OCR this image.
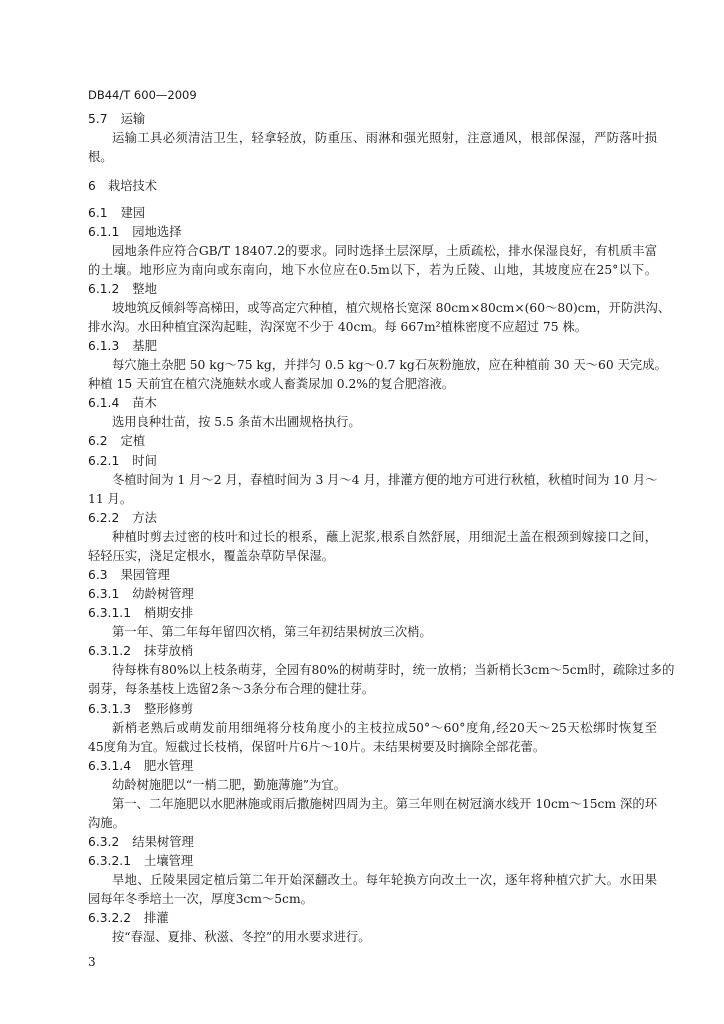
DB44/T 600—2009
5.7 运输
运输工具必须清洁卫生，轻拿轻放，防重压、雨淋和强光照射，注意通风，根部保湿，严防落叶损
根。
6 栽培技术
6.1 建园
6.1.1 园地选择
园地条件应符合GB/T 18407.2的要求。同时选择土层深厚，土质疏松，排水保湿良好，有机质丰富
的土壤。地形应为南向或东南向，地下水位应在0.5m以下，若为丘陵、山地，其坡度应在25°以下。
6.1.2 整地
坡地筑反倾斜等高梯田，或等高定穴种植，植穴规格长宽深 80cm×80cm×(60～80)cm，开防洪沟、
排水沟。水田种植宜深沟起畦，沟深宽不少于 40cm。每 667m²植株密度不应超过 75 株。
6.1.3 基肥
每穴施土杂肥 50 kg～75 kg，并拌匀 0.5 kg～0.7 kg石灰粉施放，应在种植前 30 天～60 天完成。
种植 15 天前宜在植穴浇施麸水或人畜粪尿加 0.2%的复合肥溶液。
6.1.4 苗木
选用良种壮苗，按 5.5 条苗木出圃规格执行。
6.2 定植
6.2.1 时间
冬植时间为 1 月～2 月，春植时间为 3 月～4 月，排灌方便的地方可进行秋植，秋植时间为 10 月～
11 月。
6.2.2 方法
种植时剪去过密的枝叶和过长的根系，蘸上泥浆,根系自然舒展，用细泥土盖在根颈到嫁接口之间，
轻轻压实，浇足定根水，覆盖杂草防旱保湿。
6.3 果园管理
6.3.1 幼龄树管理
6.3.1.1 梢期安排
第一年、第二年每年留四次梢，第三年初结果树放三次梢。
6.3.1.2 抹芽放梢
待每株有80%以上枝条萌芽，全园有80%的树萌芽时，统一放梢；当新梢长3cm～5cm时，疏除过多的
弱芽，每条基枝上选留2条～3条分布合理的健壮芽。
6.3.1.3 整形修剪
新梢老熟后或萌发前用细绳将分枝角度小的主枝拉成50°～60°度角,经20天～25天松绑时恢复至
45度角为宜。短截过长枝梢，保留叶片6片～10片。未结果树要及时摘除全部花蕾。
6.3.1.4 肥水管理
幼龄树施肥以“一梢二肥，勤施薄施”为宜。
第一、二年施肥以水肥淋施或雨后撒施树四周为主。第三年则在树冠滴水线开 10cm～15cm 深的环
沟施。
6.3.2 结果树管理
6.3.2.1 土壤管理
旱地、丘陵果园定植后第二年开始深翻改土。每年轮换方向改土一次，逐年将种植穴扩大。水田果
园每年冬季培土一次，厚度3cm～5cm。
6.3.2.2 排灌
按“春湿、夏排、秋滋、冬控”的用水要求进行。
3
